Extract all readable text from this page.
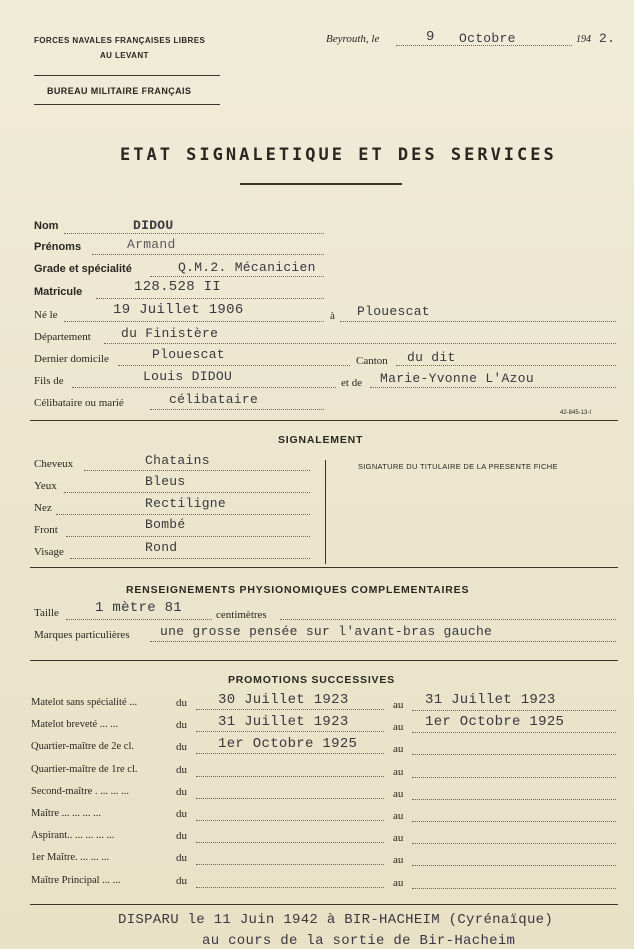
FORCES NAVALES FRANÇAISES LIBRES
AU LEVANT
Beyrouth, le	9 Octobre	194 2.
BUREAU MILITAIRE FRANÇAIS
ETAT SIGNALETIQUE ET DES SERVICES
Nom	DIDOU
Prénoms	Armand
Grade et spécialité	Q.M.2. Mécanicien
Matricule	128.528 II
Né le	19 Juillet 1906	à Plouescat
Département du Finistère
Dernier domicile	Plouescat	Canton du dit
Fils de	Louis DIDOU	et de Marie-Yvonne L'Azou
Célibataire ou marié	célibataire
42-845-13-I
SIGNALEMENT
SIGNATURE DU TITULAIRE DE LA PRESENTE FICHE
Cheveux	Chatains
Yeux	Bleus
Nez	Rectiligne
Front	Bombé
Visage	Rond
RENSEIGNEMENTS PHYSIONOMIQUES COMPLEMENTAIRES
Taille	1 mètre 81	centimètres
Marques particulières une grosse pensée sur l'avant-bras gauche
PROMOTIONS SUCCESSIVES
Matelot sans spécialité ...	du 30 Juillet 1923	au 31 Juillet 1923
Matelot breveté ... ...	du 31 Juillet 1923	au 1er Octobre 1925
Quartier-maître de 2e cl.	du 1er Octobre 1925	au
Quartier-maître de 1re cl.	du	au
Second-maître . ... ... ...	du	au
Maître ... ... ... ...	du	au
Aspirant.. ... ... ... ...	du	au
1er Maître. ... ... ...	du	au
Maître Principal ... ...	du	au
DISPARU le 11 Juin 1942 à BIR-HACHEIM (Cyrénaïque)
au cours de la sortie de Bir-Hacheim
